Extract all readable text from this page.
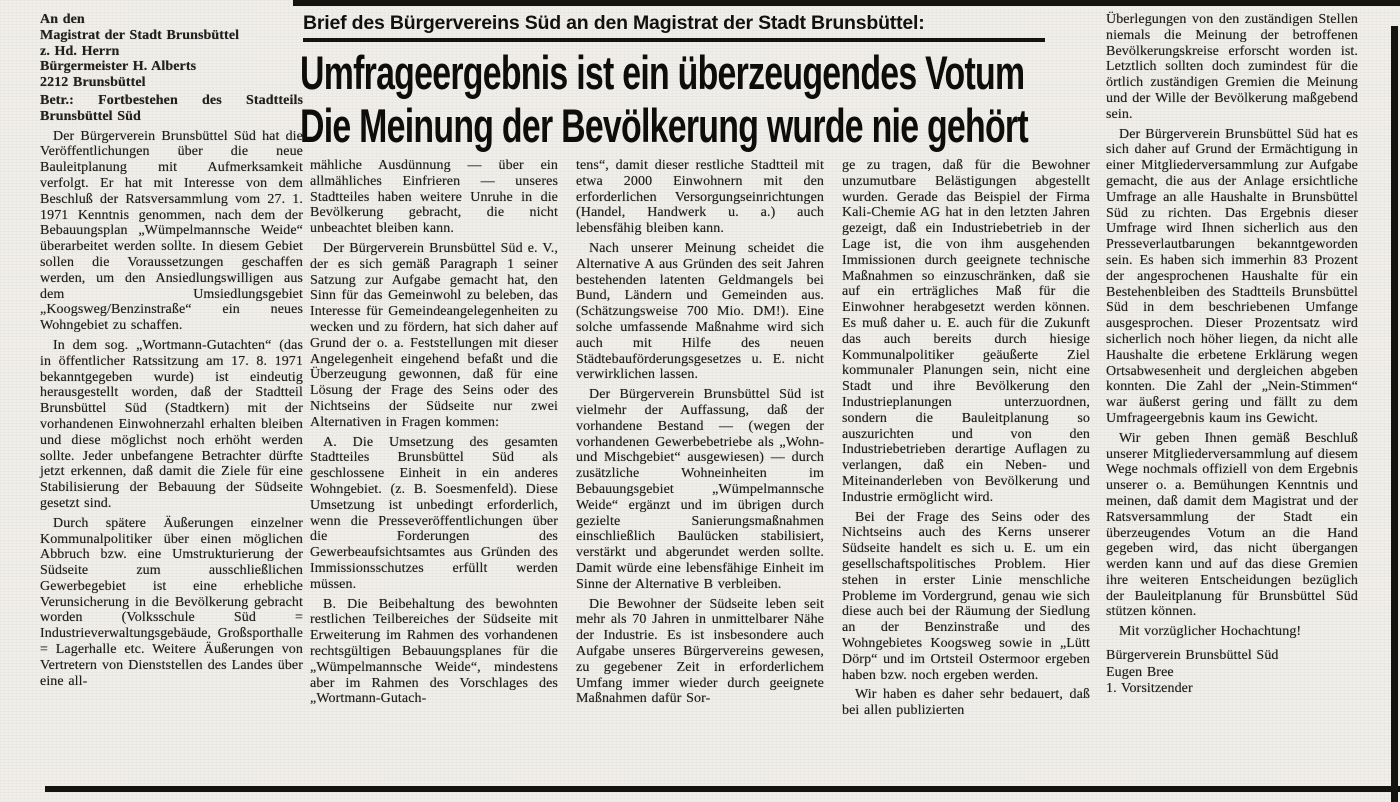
Brief des Bürgervereins Süd an den Magistrat der Stadt Brunsbüttel:
Umfrageergebnis ist ein überzeugendes Votum
Die Meinung der Bevölkerung wurde nie gehört
An den
Magistrat der Stadt Brunsbüttel
z. Hd. Herrn
Bürgermeister H. Alberts
2212 Brunsbüttel

Betr.: Fortbestehen des Stadtteils Brunsbüttel Süd

Der Bürgerverein Brunsbüttel Süd hat die Veröffentlichungen über die neue Bauleitplanung mit Aufmerksamkeit verfolgt. Er hat mit Interesse von dem Beschluß der Ratsversammlung vom 27. 1. 1971 Kenntnis genommen, nach dem der Bebauungsplan „Wümpelmannsche Weide“ überarbeitet werden sollte. In diesem Gebiet sollen die Voraussetzungen geschaffen werden, um den Ansiedlungswilligen aus dem Umsiedlungsgebiet „Koogsweg/Benzinstraße“ ein neues Wohngebiet zu schaffen.

In dem sog. „Wortmann-Gutachten“ (das in öffentlicher Ratssitzung am 17. 8. 1971 bekanntgegeben wurde) ist eindeutig herausgestellt worden, daß der Stadtteil Brunsbüttel Süd (Stadtkern) mit der vorhandenen Einwohnerzahl erhalten bleiben und diese möglichst noch erhöht werden sollte. Jeder unbefangene Betrachter dürfte jetzt erkennen, daß damit die Ziele für eine Stabilisierung der Bebauung der Südseite gesetzt sind.

Durch spätere Äußerungen einzelner Kommunalpolitiker über einen möglichen Abbruch bzw. eine Umstrukturierung der Südseite zum ausschließlichen Gewerbegebiet ist eine erhebliche Verunsicherung in die Bevölkerung gebracht worden (Volksschule Süd = Industrieverwaltungsgebäude, Großsporthalle = Lagerhalle etc. Weitere Äußerungen von Vertretern von Dienststellen des Landes über eine all-

mähliche Ausdünnung — über ein allmähliches Einfrieren — unseres Stadtteiles haben weitere Unruhe in die Bevölkerung gebracht, die nicht unbeachtet bleiben kann.

Der Bürgerverein Brunsbüttel Süd e. V., der es sich gemäß Paragraph 1 seiner Satzung zur Aufgabe gemacht hat, den Sinn für das Gemeinwohl zu beleben, das Interesse für Gemeindeangelegenheiten zu wecken und zu fördern, hat sich daher auf Grund der o. a. Feststellungen mit dieser Angelegenheit eingehend befaßt und die Überzeugung gewonnen, daß für eine Lösung der Frage des Seins oder des Nichtseins der Südseite nur zwei Alternativen in Fragen kommen:

A. Die Umsetzung des gesamten Stadtteiles Brunsbüttel Süd als geschlossene Einheit in ein anderes Wohngebiet. (z. B. Soesmenfeld). Diese Umsetzung ist unbedingt erforderlich, wenn die Presseveröffentlichungen über die Forderungen des Gewerbeaufsichtsamtes aus Gründen des Immissionsschutzes erfüllt werden müssen.

B. Die Beibehaltung des bewohnten restlichen Teilbereiches der Südseite mit Erweiterung im Rahmen des vorhandenen rechtsgültigen Bebauungsplanes für die „Wümpelmannsche Weide“, mindestens aber im Rahmen des Vorschlages des „Wortmann-Gutach-

tens“, damit dieser restliche Stadtteil mit etwa 2000 Einwohnern mit den erforderlichen Versorgungseinrichtungen (Handel, Handwerk u. a.) auch lebensfähig bleiben kann.

Nach unserer Meinung scheidet die Alternative A aus Gründen des seit Jahren bestehenden latenten Geldmangels bei Bund, Ländern und Gemeinden aus. (Schätzungsweise 700 Mio. DM!). Eine solche umfassende Maßnahme wird sich auch mit Hilfe des neuen Städtebauförderungsgesetzes u. E. nicht verwirklichen lassen.

Der Bürgerverein Brunsbüttel Süd ist vielmehr der Auffassung, daß der vorhandene Bestand — (wegen der vorhandenen Gewerbebetriebe als „Wohn- und Mischgebiet“ ausgewiesen) — durch zusätzliche Wohneinheiten im Bebauungsgebiet „Wümpelmannsche Weide“ ergänzt und im übrigen durch gezielte Sanierungsmaßnahmen einschließlich Baulücken stabilisiert, verstärkt und abgerundet werden sollte. Damit würde eine lebensfähige Einheit im Sinne der Alternative B verbleiben.

Die Bewohner der Südseite leben seit mehr als 70 Jahren in unmittelbarer Nähe der Industrie. Es ist insbesondere auch Aufgabe unseres Bürgervereins gewesen, zu gegebener Zeit in erforderlichem Umfang immer wieder durch geeignete Maßnahmen dafür Sor-

ge zu tragen, daß für die Bewohner unzumutbare Belästigungen abgestellt wurden. Gerade das Beispiel der Firma Kali-Chemie AG hat in den letzten Jahren gezeigt, daß ein Industriebetrieb in der Lage ist, die von ihm ausgehenden Immissionen durch geeignete technische Maßnahmen so einzuschränken, daß sie auf ein erträgliches Maß für die Einwohner herabgesetzt werden können. Es muß daher u. E. auch für die Zukunft das auch bereits durch hiesige Kommunalpolitiker geäußerte Ziel kommunaler Planungen sein, nicht eine Stadt und ihre Bevölkerung den Industrieplanungen unterzuordnen, sondern die Bauleitplanung so auszurichten und von den Industriebetrieben derartige Auflagen zu verlangen, daß ein Neben- und Miteinanderleben von Bevölkerung und Industrie ermöglicht wird.

Bei der Frage des Seins oder des Nichtseins auch des Kerns unserer Südseite handelt es sich u. E. um ein gesellschaftspolitisches Problem. Hier stehen in erster Linie menschliche Probleme im Vordergrund, genau wie sich diese auch bei der Räumung der Siedlung an der Benzinstraße und des Wohngebietes Koogsweg sowie in „Lütt Dörp“ und im Ortsteil Ostermoor ergeben haben bzw. noch ergeben werden.

Wir haben es daher sehr bedauert, daß bei allen publizierten

Überlegungen von den zuständigen Stellen niemals die Meinung der betroffenen Bevölkerungskreise erforscht worden ist. Letztlich sollten doch zumindest für die örtlich zuständigen Gremien die Meinung und der Wille der Bevölkerung maßgebend sein.

Der Bürgerverein Brunsbüttel Süd hat es sich daher auf Grund der Ermächtigung in einer Mitgliederversammlung zur Aufgabe gemacht, die aus der Anlage ersichtliche Umfrage an alle Haushalte in Brunsbüttel Süd zu richten. Das Ergebnis dieser Umfrage wird Ihnen sicherlich aus den Presseverlautbarungen bekanntgeworden sein. Es haben sich immerhin 83 Prozent der angesprochenen Haushalte für ein Bestehenbleiben des Stadtteils Brunsbüttel Süd in dem beschriebenen Umfange ausgesprochen. Dieser Prozentsatz wird sicherlich noch höher liegen, da nicht alle Haushalte die erbetene Erklärung wegen Ortsabwesenheit und dergleichen abgeben konnten. Die Zahl der „Nein-Stimmen“ war äußerst gering und fällt zu dem Umfrageergebnis kaum ins Gewicht.

Wir geben Ihnen gemäß Beschluß unserer Mitgliederversammlung auf diesem Wege nochmals offiziell von dem Ergebnis unserer o. a. Bemühungen Kenntnis und meinen, daß damit dem Magistrat und der Ratsversammlung der Stadt ein überzeugendes Votum an die Hand gegeben wird, das nicht übergangen werden kann und auf das diese Gremien ihre weiteren Entscheidungen bezüglich der Bauleitplanung für Brunsbüttel Süd stützen können.

Mit vorzüglicher Hochachtung!

Bürgerverein Brunsbüttel Süd
Eugen Bree
1. Vorsitzender
